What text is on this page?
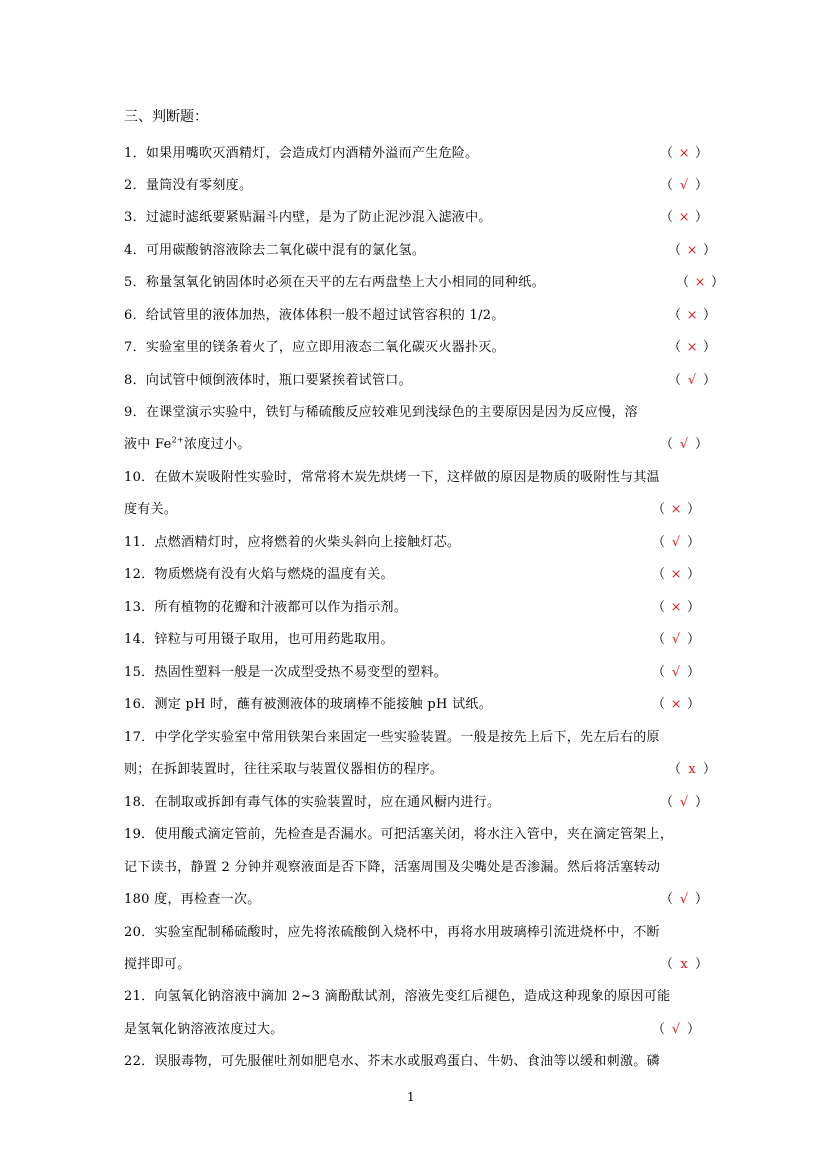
三、判断题：
1．如果用嘴吹灭酒精灯，会造成灯内酒精外溢而产生危险。	（ × ）
2．量筒没有零刻度。	（ √ ）
3．过滤时滤纸要紧贴漏斗内壁，是为了防止泥沙混入滤液中。	（ × ）
4．可用碳酸钠溶液除去二氧化碳中混有的氯化氢。	（ × ）
5．称量氢氧化钠固体时必须在天平的左右两盘垫上大小相同的同种纸。	（ × ）
6．给试管里的液体加热，液体体积一般不超过试管容积的 1/2。	（ × ）
7．实验室里的镁条着火了，应立即用液态二氧化碳灭火器扑灭。	（ × ）
8．向试管中倾倒液体时，瓶口要紧挨着试管口。	（ √ ）
9．在课堂演示实验中，铁钉与稀硫酸反应较难见到浅绿色的主要原因是因为反应慢，溶
液中 $Fe^{2+}$浓度过小。	（ √ ）
10．在做木炭吸附性实验时，常常将木炭先烘烤一下，这样做的原因是物质的吸附性与其温
度有关。	（ × ）
11．点燃酒精灯时，应将燃着的火柴头斜向上接触灯芯。	（ √ ）
12．物质燃烧有没有火焰与燃烧的温度有关。	（ × ）
13．所有植物的花瓣和汁液都可以作为指示剂。	（ × ）
14．锌粒与可用镊子取用，也可用药匙取用。	（ √ ）
15．热固性塑料一般是一次成型受热不易变型的塑料。	（ √ ）
16．测定 pH 时，蘸有被测液体的玻璃棒不能接触 pH 试纸。	（ × ）
17．中学化学实验室中常用铁架台来固定一些实验装置。一般是按先上后下，先左后右的原
则；在拆卸装置时，往往采取与装置仪器相仿的程序。	（ x ）
18．在制取或拆卸有毒气体的实验装置时，应在通风橱内进行。	（ √ ）
19．使用酸式滴定管前，先检查是否漏水。可把活塞关闭，将水注入管中，夹在滴定管架上，
记下读书，静置 2 分钟并观察液面是否下降，活塞周围及尖嘴处是否渗漏。然后将活塞转动
180 度，再检查一次。	（ √ ）
20．实验室配制稀硫酸时，应先将浓硫酸倒入烧杯中，再将水用玻璃棒引流进烧杯中，不断
搅拌即可。	（ x ）
21．向氢氧化钠溶液中滴加 2~3 滴酚酞试剂，溶液先变红后褪色，造成这种现象的原因可能
是氢氧化钠溶液浓度过大。	（ √ ）
22．误服毒物，可先服催吐剂如肥皂水、芥末水或服鸡蛋白、牛奶、食油等以缓和刺激。磷
1
